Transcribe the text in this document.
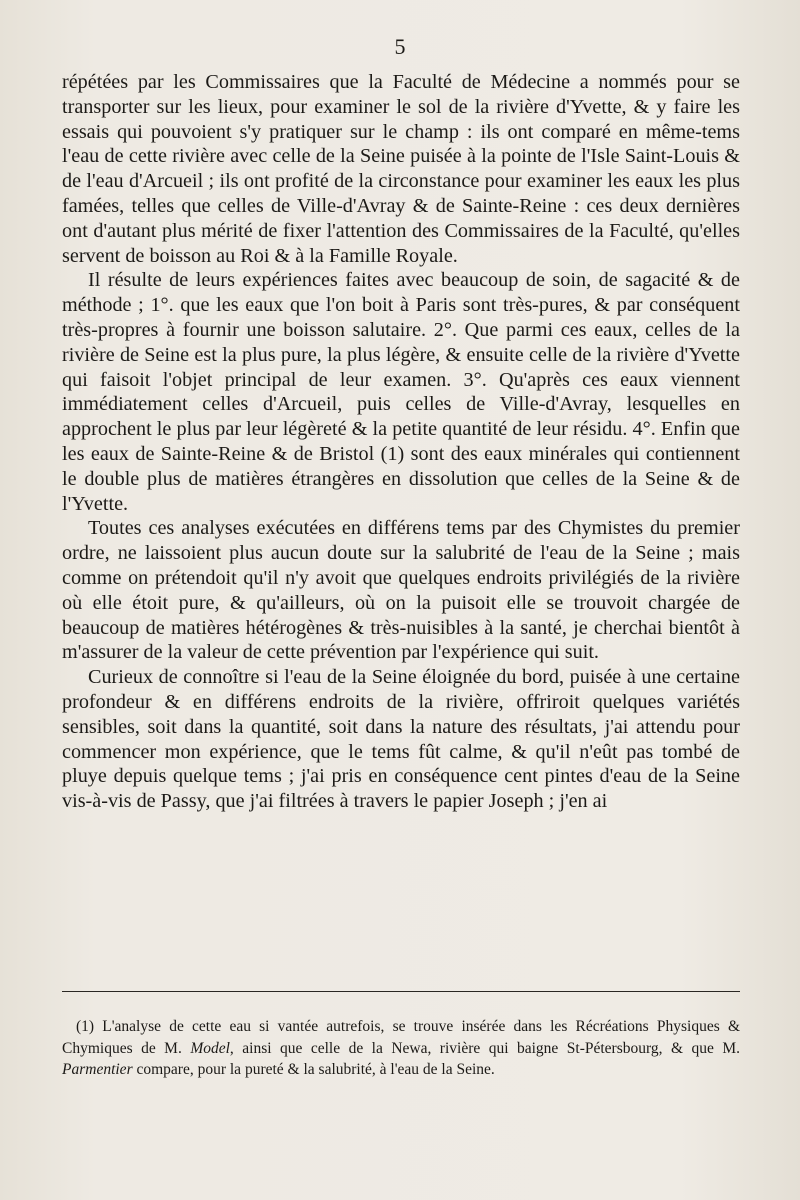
5

répétées par les Commissaires que la Faculté de Médecine a nommés pour se transporter sur les lieux, pour examiner le sol de la rivière d'Yvette, & y faire les essais qui pouvoient s'y pratiquer sur le champ : ils ont comparé en même-tems l'eau de cette rivière avec celle de la Seine puisée à la pointe de l'Isle Saint-Louis & de l'eau d'Arcueil ; ils ont profité de la circonstance pour examiner les eaux les plus famées, telles que celles de Ville-d'Avray & de Sainte-Reine : ces deux dernières ont d'autant plus mérité de fixer l'attention des Commissaires de la Faculté, qu'elles servent de boisson au Roi & à la Famille Royale.

Il résulte de leurs expériences faites avec beaucoup de soin, de sagacité & de méthode ; 1°. que les eaux que l'on boit à Paris sont très-pures, & par conséquent très-propres à fournir une boisson salutaire. 2°. Que parmi ces eaux, celles de la rivière de Seine est la plus pure, la plus légère, & ensuite celle de la rivière d'Yvette qui faisoit l'objet principal de leur examen. 3°. Qu'après ces eaux viennent immédiatement celles d'Arcueil, puis celles de Ville-d'Avray, lesquelles en approchent le plus par leur légèreté & la petite quantité de leur résidu. 4°. Enfin que les eaux de Sainte-Reine & de Bristol (1) sont des eaux minérales qui contiennent le double plus de matières étrangères en dissolution que celles de la Seine & de l'Yvette.

Toutes ces analyses exécutées en différens tems par des Chymistes du premier ordre, ne laissoient plus aucun doute sur la salubrité de l'eau de la Seine ; mais comme on prétendoit qu'il n'y avoit que quelques endroits privilégiés de la rivière où elle étoit pure, & qu'ailleurs, où on la puisoit elle se trouvoit chargée de beaucoup de matières hétérogènes & très-nuisibles à la santé, je cherchai bientôt à m'assurer de la valeur de cette prévention par l'expérience qui suit.

Curieux de connoître si l'eau de la Seine éloignée du bord, puisée à une certaine profondeur & en différens endroits de la rivière, offriroit quelques variétés sensibles, soit dans la quantité, soit dans la nature des résultats, j'ai attendu pour commencer mon expérience, que le tems fût calme, & qu'il n'eût pas tombé de pluye depuis quelque tems ; j'ai pris en conséquence cent pintes d'eau de la Seine vis-à-vis de Passy, que j'ai filtrées à travers le papier Joseph ; j'en ai

(1) L'analyse de cette eau si vantée autrefois, se trouve insérée dans les Récréations Physiques & Chymiques de M. Model, ainsi que celle de la Newa, rivière qui baigne St-Pétersbourg, & que M. Parmentier compare, pour la pureté & la salubrité, à l'eau de la Seine.
